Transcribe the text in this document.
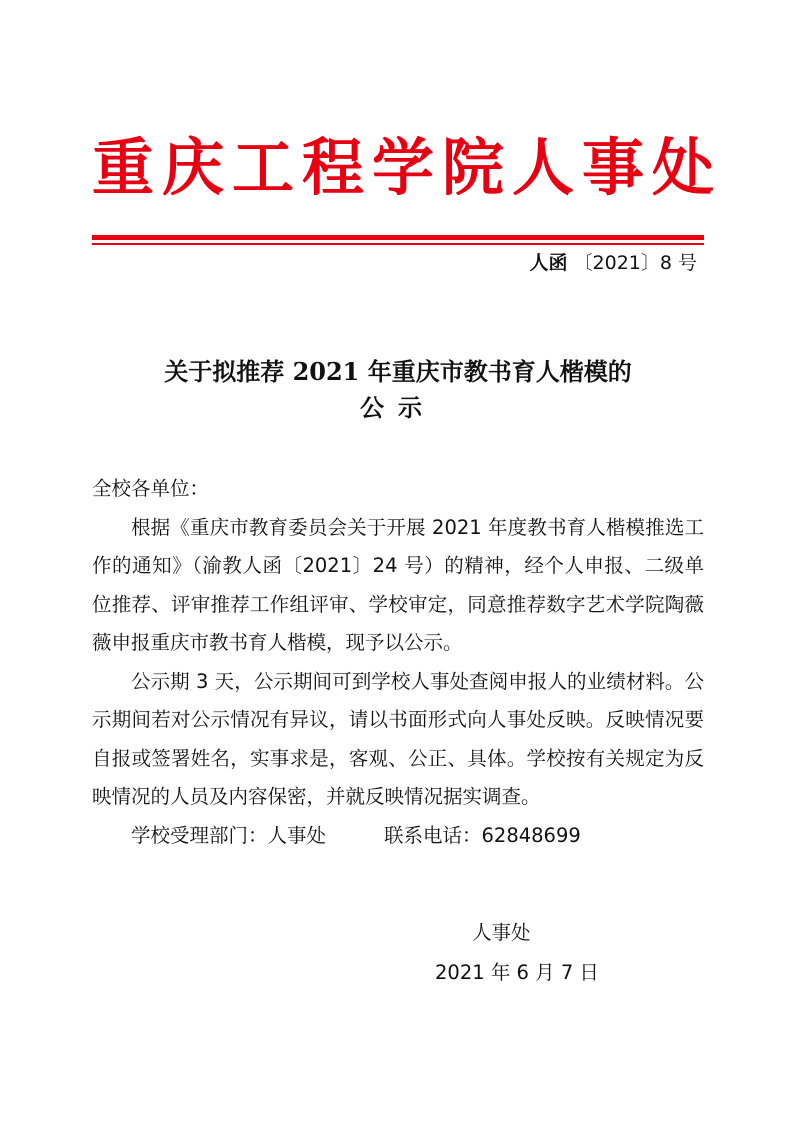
重庆工程学院人事处
人函 〔2021〕8 号
关于拟推荐 2021 年重庆市教书育人楷模的
公示

全校各单位：

根据《重庆市教育委员会关于开展 2021 年度教书育人楷模推选工作的通知》（渝教人函〔2021〕24 号）的精神，经个人申报、二级单位推荐、评审推荐工作组评审、学校审定，同意推荐数字艺术学院陶薇薇申报重庆市教书育人楷模，现予以公示。

公示期 3 天，公示期间可到学校人事处查阅申报人的业绩材料。公示期间若对公示情况有异议，请以书面形式向人事处反映。反映情况要自报或签署姓名，实事求是，客观、公正、具体。学校按有关规定为反映情况的人员及内容保密，并就反映情况据实调查。

学校受理部门：人事处	联系电话：62848699

人事处
2021 年 6 月 7 日
